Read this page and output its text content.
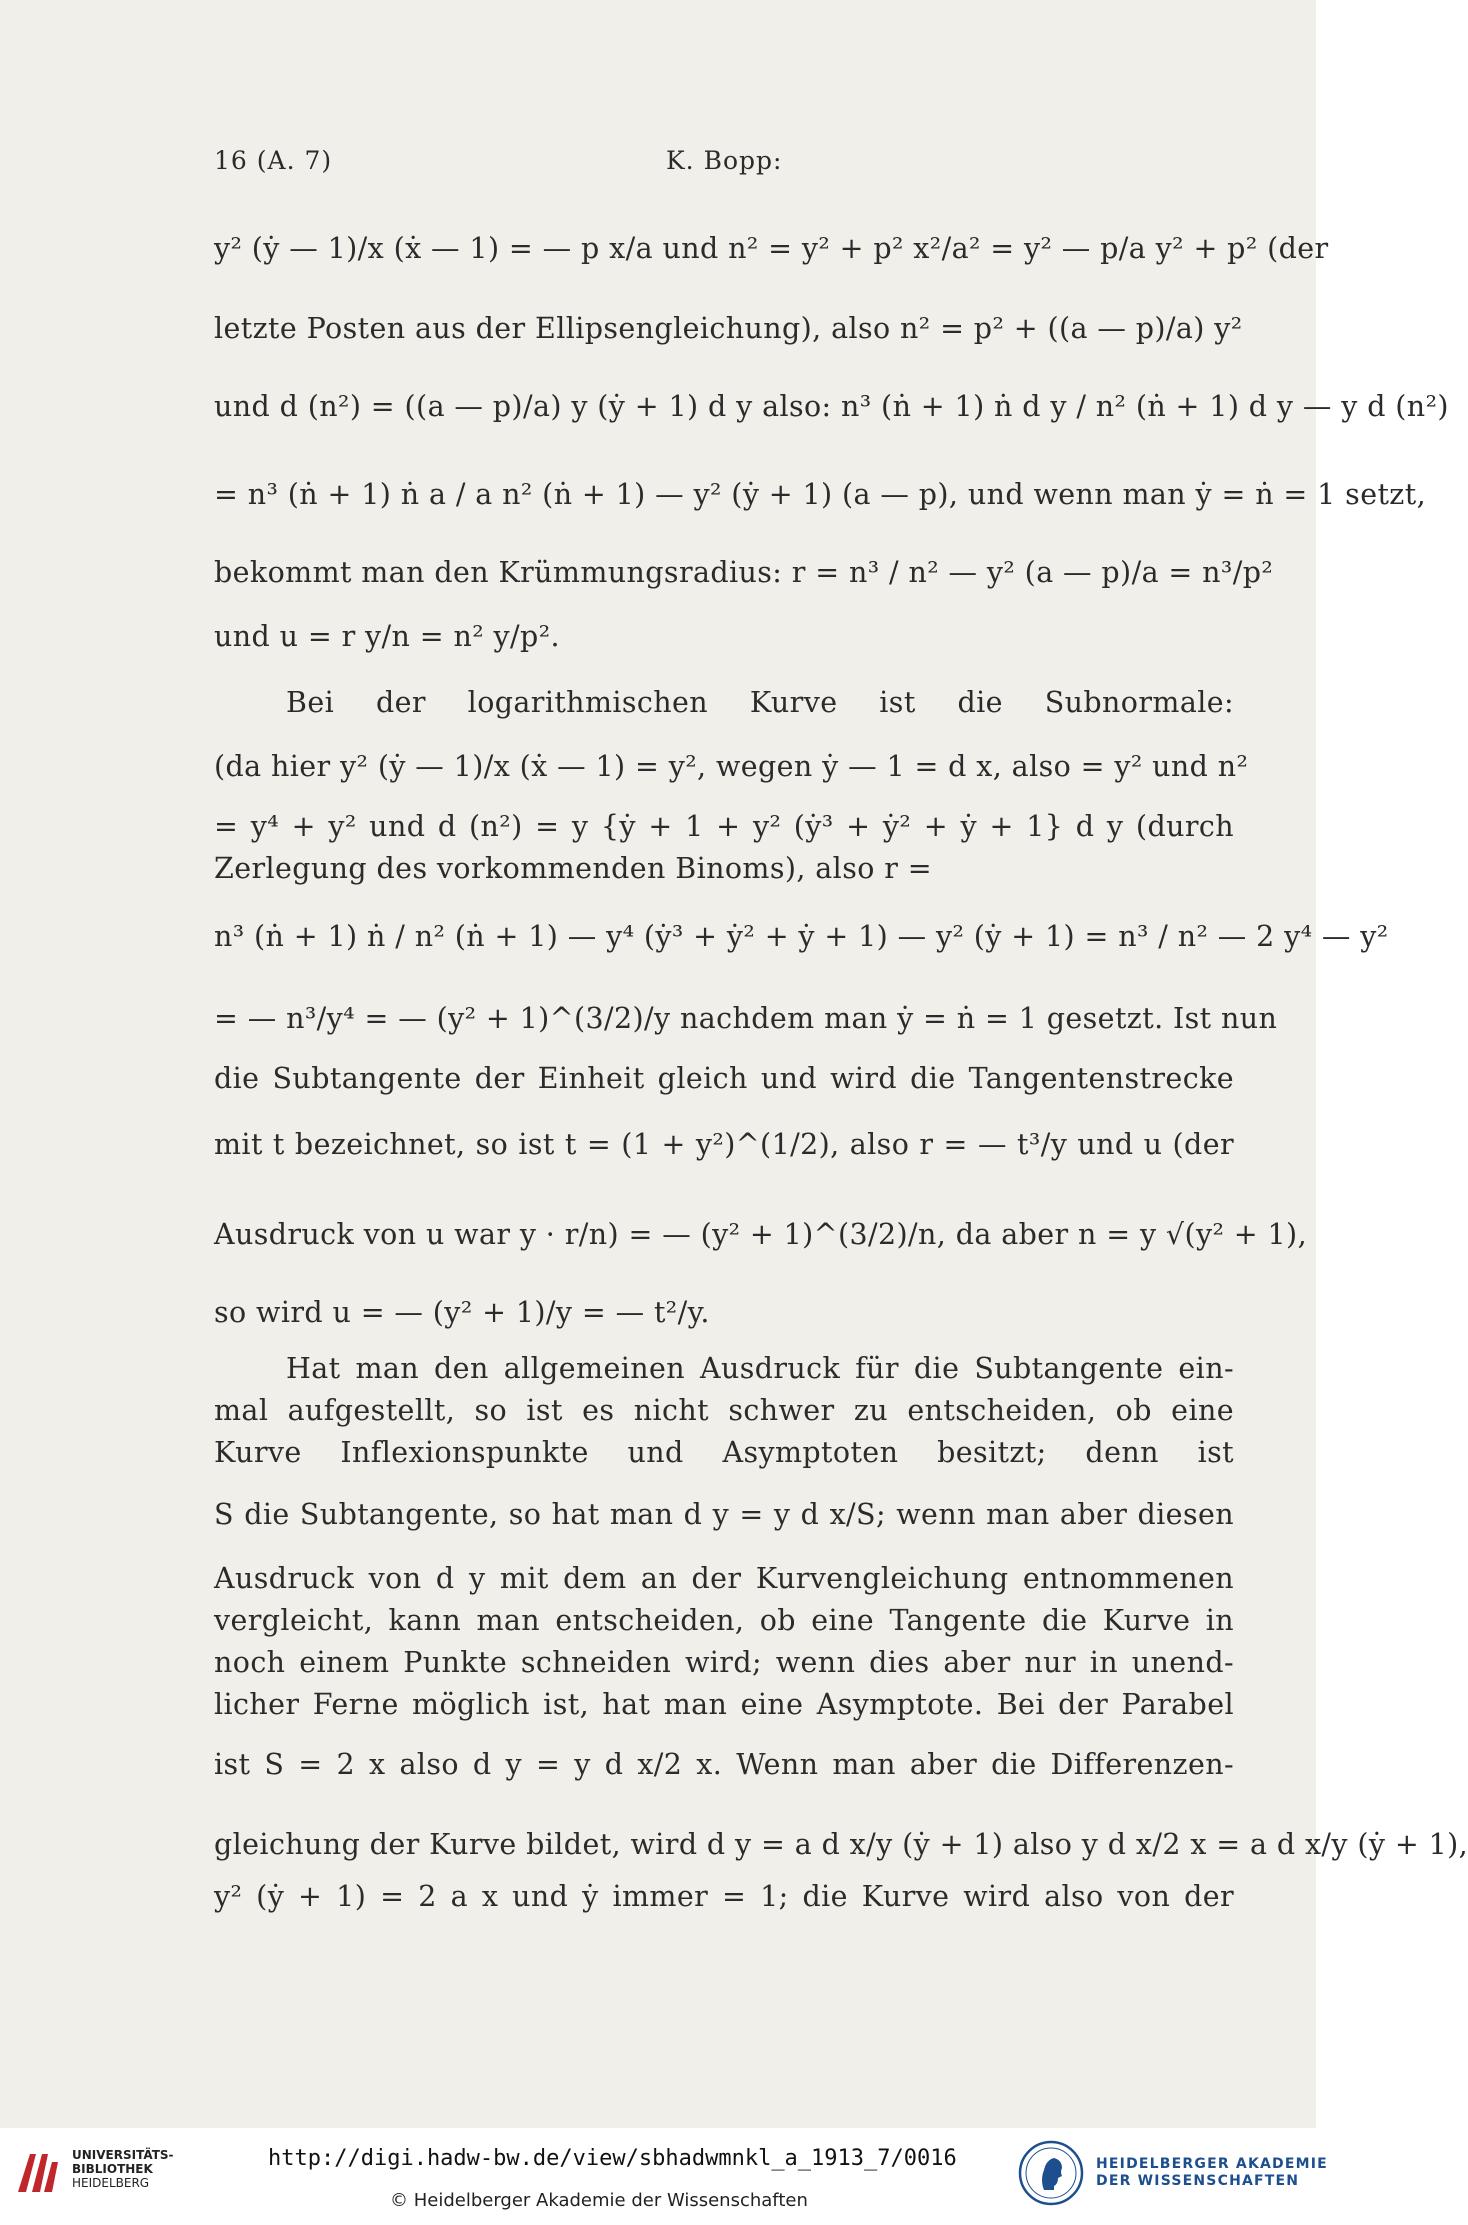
16 (A. 7)	K. Bopp:
y² (ẏ — 1)/x (ẋ — 1) = — p x/a und n² = y² + p² x²/a² = y² — p/a y² + p² (der
letzte Posten aus der Ellipsengleichung), also n² = p² + ((a — p)/a) y²
und d (n²) = ((a — p)/a) y (ẏ + 1) d y also: n³ (ṅ + 1) ṅ d y / n² (ṅ + 1) d y — y d (n²)
= n³ (ṅ + 1) ṅ a / a n² (ṅ + 1) — y² (ẏ + 1) (a — p), und wenn man ẏ = ṅ = 1 setzt,
bekommt man den Krümmungsradius: r = n³ / n² — y² (a — p)/a = n³/p²
und u = r y/n = n² y/p².
Bei der logarithmischen Kurve ist die Subnormale:
(da hier y² (ẏ — 1)/x (ẋ — 1) = y², wegen ẏ — 1 = d x, also = y² und n²
= y⁴ + y² und d (n²) = y {ẏ + 1 + y² (ẏ³ + ẏ² + ẏ + 1} d y (durch
Zerlegung des vorkommenden Binoms), also r =
n³ (ṅ + 1) ṅ / n² (ṅ + 1) — y⁴ (ẏ³ + ẏ² + ẏ + 1) — y² (ẏ + 1) = n³ / n² — 2 y⁴ — y²
= — n³/y⁴ = — (y² + 1)^(3/2)/y nachdem man ẏ = ṅ = 1 gesetzt. Ist nun
die Subtangente der Einheit gleich und wird die Tangentenstrecke
mit t bezeichnet, so ist t = (1 + y²)^(1/2), also r = — t³/y und u (der
Ausdruck von u war y · r/n) = — (y² + 1)^(3/2)/n, da aber n = y √(y² + 1),
so wird u = — (y² + 1)/y = — t²/y.
Hat man den allgemeinen Ausdruck für die Subtangente ein-
mal aufgestellt, so ist es nicht schwer zu entscheiden, ob eine
Kurve Inflexionspunkte und Asymptoten besitzt; denn ist
S die Subtangente, so hat man d y = y d x/S; wenn man aber diesen
Ausdruck von d y mit dem an der Kurvengleichung entnommenen
vergleicht, kann man entscheiden, ob eine Tangente die Kurve in
noch einem Punkte schneiden wird; wenn dies aber nur in unend-
licher Ferne möglich ist, hat man eine Asymptote. Bei der Parabel
ist S = 2 x also d y = y d x/2 x. Wenn man aber die Differenzen-
gleichung der Kurve bildet, wird d y = a d x/y (ẏ + 1) also y d x/2 x = a d x/y (ẏ + 1),
y² (ẏ + 1) = 2 a x und ẏ immer = 1; die Kurve wird also von der
UNIVERSITÄTS-
BIBLIOTHEK
HEIDELBERG
http://digi.hadw-bw.de/view/sbhadwmnkl_a_1913_7/0016
© Heidelberger Akademie der Wissenschaften
HEIDELBERGER AKADEMIE
DER WISSENSCHAFTEN
